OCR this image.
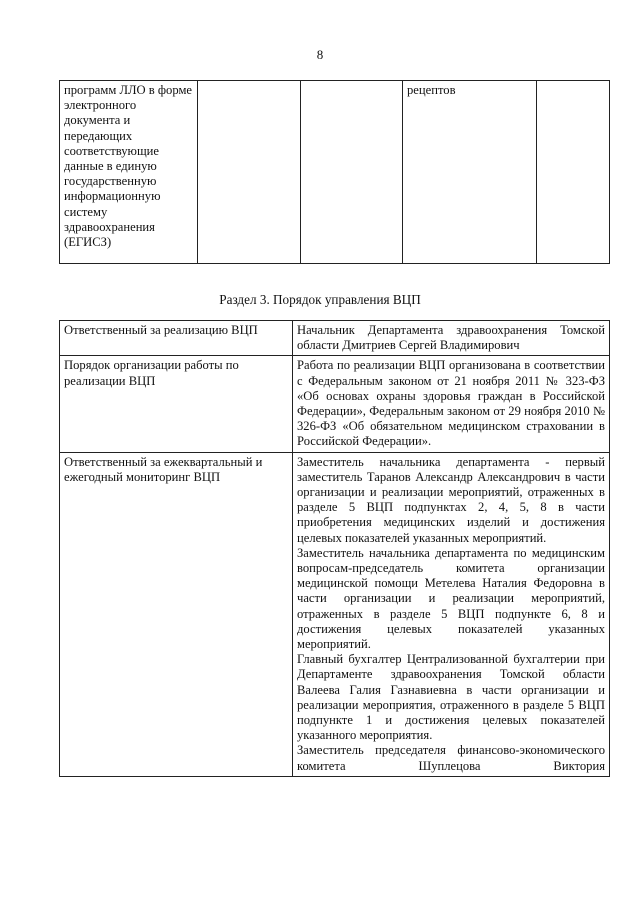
8
программ ЛЛО в форме электронного документа и передающих соответствующие данные в единую государственную информационную систему здравоохранения (ЕГИСЗ)			рецептов	
Раздел 3. Порядок управления ВЦП
Ответственный за реализацию ВЦП	Начальник Департамента здравоохранения Томской области Дмитриев Сергей Владимирович

Порядок организации работы по реализации ВЦП	Работа по реализации ВЦП организована в соответствии с Федеральным законом от 21 ноября 2011 № 323-ФЗ «Об основах охраны здоровья граждан в Российской Федерации», Федеральным законом от 29 ноября 2010 № 326-ФЗ «Об обязательном медицинском страховании в Российской Федерации».

Ответственный за ежеквартальный и ежегодный мониторинг ВЦП	Заместитель начальника департамента - первый заместитель Таранов Александр Александрович в части организации и реализации мероприятий, отраженных в разделе 5 ВЦП подпунктах 2, 4, 5, 8 в части приобретения медицинских изделий и достижения целевых показателей указанных мероприятий.
Заместитель начальника департамента по медицинским вопросам-председатель комитета организации медицинской помощи Метелева Наталия Федоровна в части организации и реализации мероприятий, отраженных в разделе 5 ВЦП подпункте 6, 8 и достижения целевых показателей указанных мероприятий.
Главный бухгалтер Централизованной бухгалтерии при Департаменте здравоохранения Томской области Валеева Галия Газнавиевна в части организации и реализации мероприятия, отраженного в разделе 5 ВЦП подпункте 1 и достижения целевых показателей указанного мероприятия.
Заместитель председателя финансово-экономического комитета Шуплецова Виктория
